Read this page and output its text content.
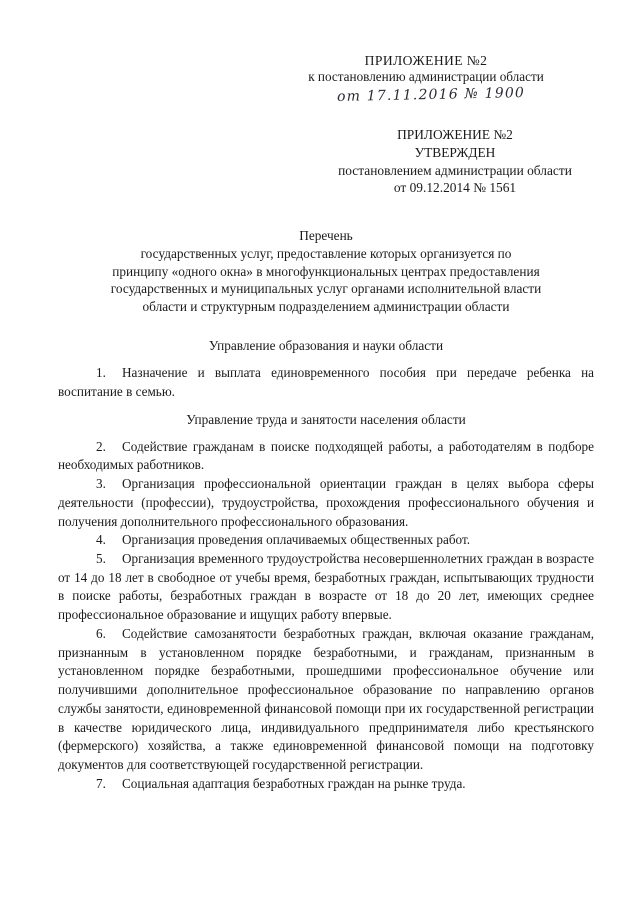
ПРИЛОЖЕНИЕ №2
к постановлению администрации области
от 17.11.2016 № 1900
ПРИЛОЖЕНИЕ №2
УТВЕРЖДЕН
постановлением администрации области
от 09.12.2014 № 1561
Перечень
государственных услуг, предоставление которых организуется по
принципу «одного окна» в многофункциональных центрах предоставления
государственных и муниципальных услуг органами исполнительной власти
области и структурным подразделением администрации области
Управление образования и науки области

1. Назначение и выплата единовременного пособия при передаче ребенка на воспитание в семью.

Управление труда и занятости населения области

2. Содействие гражданам в поиске подходящей работы, а работодателям в подборе необходимых работников.

3. Организация профессиональной ориентации граждан в целях выбора сферы деятельности (профессии), трудоустройства, прохождения профессионального обучения и получения дополнительного профессионального образования.

4. Организация проведения оплачиваемых общественных работ.

5. Организация временного трудоустройства несовершеннолетних граждан в возрасте от 14 до 18 лет в свободное от учебы время, безработных граждан, испытывающих трудности в поиске работы, безработных граждан в возрасте от 18 до 20 лет, имеющих среднее профессиональное образование и ищущих работу впервые.

6. Содействие самозанятости безработных граждан, включая оказание гражданам, признанным в установленном порядке безработными, и гражданам, признанным в установленном порядке безработными, прошедшими профессиональное обучение или получившими дополнительное профессиональное образование по направлению органов службы занятости, единовременной финансовой помощи при их государственной регистрации в качестве юридического лица, индивидуального предпринимателя либо крестьянского (фермерского) хозяйства, а также единовременной финансовой помощи на подготовку документов для соответствующей государственной регистрации.

7. Социальная адаптация безработных граждан на рынке труда.
